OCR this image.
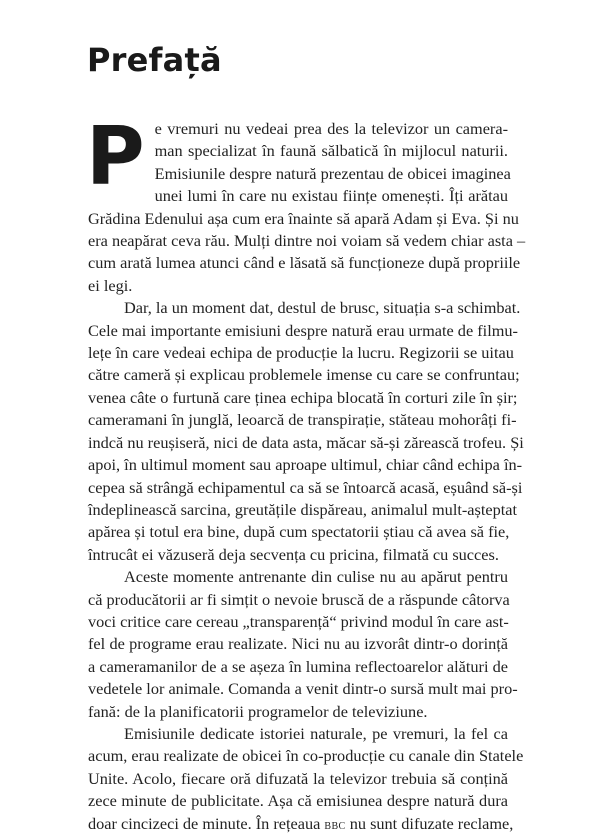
Prefață
P e vremuri nu vedeai prea des la televizor un camera-
man specializat în faună sălbatică în mijlocul naturii.
Emisiunile despre natură prezentau de obicei imaginea
unei lumi în care nu existau ființe omenești. Îți arătau
Grădina Edenului așa cum era înainte să apară Adam și Eva. Și nu
era neapărat ceva rău. Mulți dintre noi voiam să vedem chiar asta –
cum arată lumea atunci când e lăsată să funcționeze după propriile
ei legi.
Dar, la un moment dat, destul de brusc, situația s-a schimbat.
Cele mai importante emisiuni despre natură erau urmate de filmu-
lețe în care vedeai echipa de producție la lucru. Regizorii se uitau
către cameră și explicau problemele imense cu care se confruntau;
venea câte o furtună care ținea echipa blocată în corturi zile în șir;
cameramani în junglă, leoarcă de transpirație, stăteau mohorâți fi-
indcă nu reușiseră, nici de data asta, măcar să-și zărească trofeu. Și
apoi, în ultimul moment sau aproape ultimul, chiar când echipa în-
cepea să strângă echipamentul ca să se întoarcă acasă, eșuând să-și
îndeplinească sarcina, greutățile dispăreau, animalul mult-așteptat
apărea și totul era bine, după cum spectatorii știau că avea să fie,
întrucât ei văzuseră deja secvența cu pricina, filmată cu succes.
Aceste momente antrenante din culise nu au apărut pentru
că producătorii ar fi simțit o nevoie bruscă de a răspunde câtorva
voci critice care cereau „transparență“ privind modul în care ast-
fel de programe erau realizate. Nici nu au izvorât dintr-o dorință
a cameramanilor de a se așeza în lumina reflectoarelor alături de
vedetele lor animale. Comanda a venit dintr-o sursă mult mai pro-
fană: de la planificatorii programelor de televiziune.
Emisiunile dedicate istoriei naturale, pe vremuri, la fel ca
acum, erau realizate de obicei în co-producție cu canale din Statele
Unite. Acolo, fiecare oră difuzată la televizor trebuia să conțină
zece minute de publicitate. Așa că emisiunea despre natură dura
doar cincizeci de minute. În rețeaua bbc nu sunt difuzate reclame,
